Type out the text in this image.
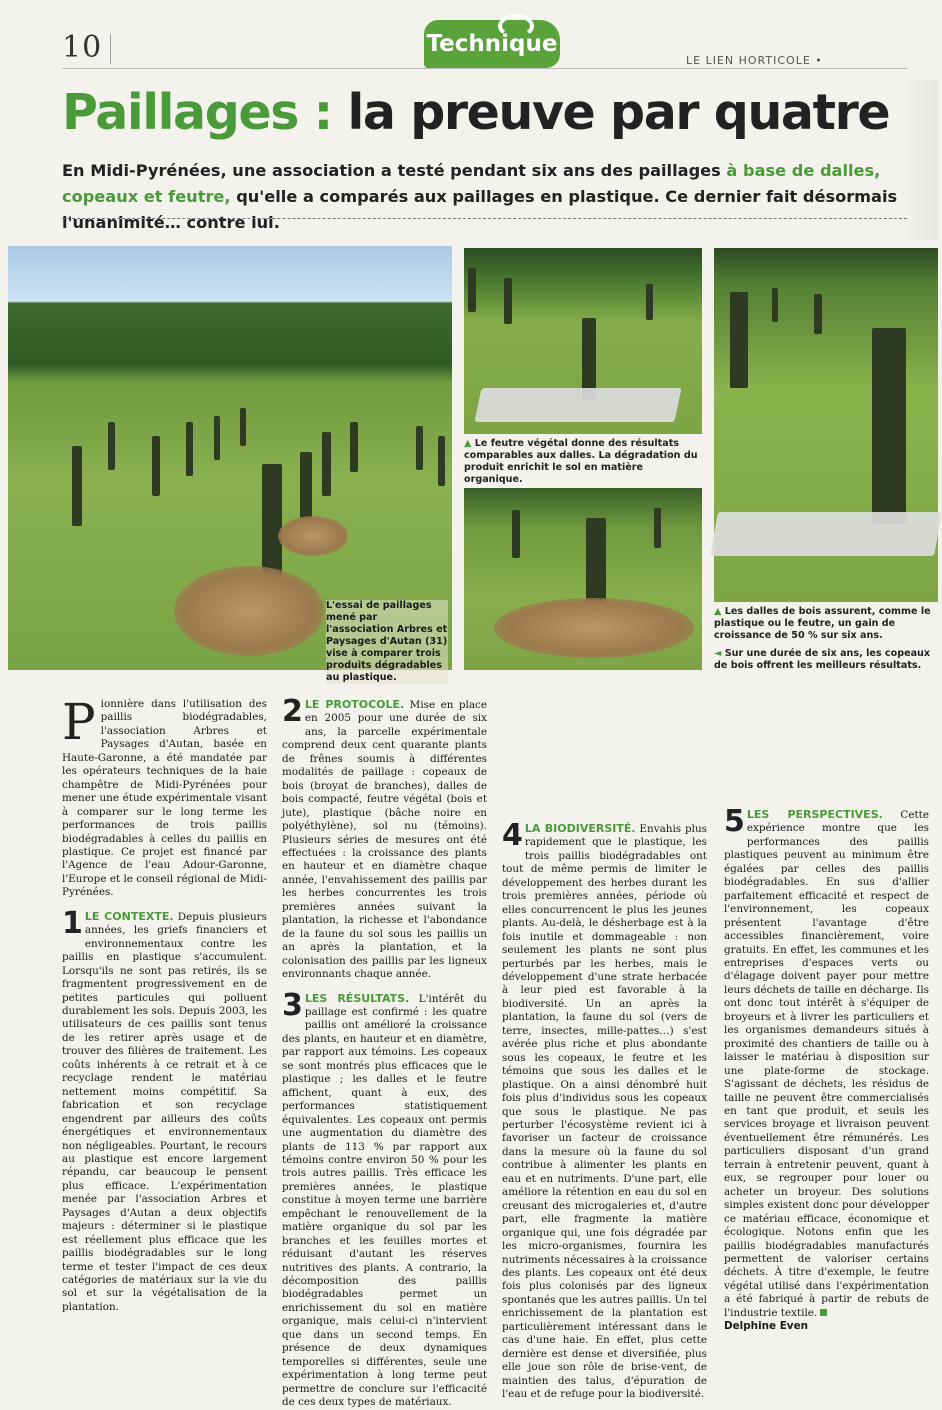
10	Technique
LE LIEN HORTICOLE •
Paillages : la preuve par quatre

En Midi-Pyrénées, une association a testé pendant six ans des paillages à base de dalles, copeaux et feutre, qu'elle a comparés aux paillages en plastique. Ce dernier fait désormais l'unanimité… contre lui.

L'essai de paillages mené par l'association Arbres et Paysages d'Autan (31) vise à comparer trois produits dégradables au plastique.
▲ Le feutre végétal donne des résultats comparables aux dalles. La dégradation du produit enrichit le sol en matière organique.
▲ Les dalles de bois assurent, comme le plastique ou le feutre, un gain de croissance de 50 % sur six ans.
◄ Sur une durée de six ans, les copeaux de bois offrent les meilleurs résultats.
Pionnière dans l'utilisation des paillis biodégradables, l'association Arbres et Paysages d'Autan, basée en Haute-Garonne, a été mandatée par les opérateurs techniques de la haie champêtre de Midi-Pyrénées pour mener une étude expérimentale visant à comparer sur le long terme les performances de trois paillis biodégradables à celles du paillis en plastique. Ce projet est financé par l'Agence de l'eau Adour-Garonne, l'Europe et le conseil régional de Midi-Pyrénées.
1 LE CONTEXTE. Depuis plusieurs années, les griefs financiers et environnementaux contre les paillis en plastique s'accumulent. Lorsqu'ils ne sont pas retirés, ils se fragmentent progressivement en de petites particules qui polluent durablement les sols. Depuis 2003, les utilisateurs de ces paillis sont tenus de les retirer après usage et de trouver des filières de traitement. Les coûts inhérents à ce retrait et à ce recyclage rendent le matériau nettement moins compétitif. Sa fabrication et son recyclage engendrent par ailleurs des coûts énergétiques et environnementaux non négligeables. Pourtant, le recours au plastique est encore largement répandu, car beaucoup le pensent plus efficace. L'expérimentation menée par l'association Arbres et Paysages d'Autan a deux objectifs majeurs : déterminer si le plastique est réellement plus efficace que les paillis biodégradables sur le long terme et tester l'impact de ces deux catégories de matériaux sur la vie du sol et sur la végétalisation de la plantation.
2 LE PROTOCOLE. Mise en place en 2005 pour une durée de six ans, la parcelle expérimentale comprend deux cent quarante plants de frênes soumis à différentes modalités de paillage : copeaux de bois (broyat de branches), dalles de bois compacté, feutre végétal (bois et jute), plastique (bâche noire en polyéthylène), sol nu (témoins). Plusieurs séries de mesures ont été effectuées : la croissance des plants en hauteur et en diamètre chaque année, l'envahissement des paillis par les herbes concurrentes les trois premières années suivant la plantation, la richesse et l'abondance de la faune du sol sous les paillis un an après la plantation, et la colonisation des paillis par les ligneux environnants chaque année.
3 LES RÉSULTATS. L'intérêt du paillage est confirmé : les quatre paillis ont amélioré la croissance des plants, en hauteur et en diamètre, par rapport aux témoins. Les copeaux se sont montrés plus efficaces que le plastique ; les dalles et le feutre affichent, quant à eux, des performances statistiquement équivalentes. Les copeaux ont permis une augmentation du diamètre des plants de 113 % par rapport aux témoins contre environ 50 % pour les trois autres paillis. Très efficace les premières années, le plastique constitue à moyen terme une barrière empêchant le renouvellement de la matière organique du sol par les branches et les feuilles mortes et réduisant d'autant les réserves nutritives des plants. A contrario, la décomposition des paillis biodégradables permet un enrichissement du sol en matière organique, mais celui-ci n'intervient que dans un second temps. En présence de deux dynamiques temporelles si différentes, seule une expérimentation à long terme peut permettre de conclure sur l'efficacité de ces deux types de matériaux.
4 LA BIODIVERSITÉ. Envahis plus rapidement que le plastique, les trois paillis biodégradables ont tout de même permis de limiter le développement des herbes durant les trois premières années, période où elles concurrencent le plus les jeunes plants. Au-delà, le désherbage est à la fois inutile et dommageable : non seulement les plants ne sont plus perturbés par les herbes, mais le développement d'une strate herbacée à leur pied est favorable à la biodiversité. Un an après la plantation, la faune du sol (vers de terre, insectes, mille-pattes…) s'est avérée plus riche et plus abondante sous les copeaux, le feutre et les témoins que sous les dalles et le plastique. On a ainsi dénombré huit fois plus d'individus sous les copeaux que sous le plastique. Ne pas perturber l'écosystème revient ici à favoriser un facteur de croissance dans la mesure où la faune du sol contribue à alimenter les plants en eau et en nutriments. D'une part, elle améliore la rétention en eau du sol en creusant des microgaleries et, d'autre part, elle fragmente la matière organique qui, une fois dégradée par les micro-organismes, fournira les nutriments nécessaires à la croissance des plants. Les copeaux ont été deux fois plus colonisés par des ligneux spontanés que les autres paillis. Un tel enrichissement de la plantation est particulièrement intéressant dans le cas d'une haie. En effet, plus cette dernière est dense et diversifiée, plus elle joue son rôle de brise-vent, de maintien des talus, d'épuration de l'eau et de refuge pour la biodiversité.
5 LES PERSPECTIVES. Cette expérience montre que les performances des paillis plastiques peuvent au minimum être égalées par celles des paillis biodégradables. En sus d'allier parfaitement efficacité et respect de l'environnement, les copeaux présentent l'avantage d'être accessibles financièrement, voire gratuits. En effet, les communes et les entreprises d'espaces verts ou d'élagage doivent payer pour mettre leurs déchets de taille en décharge. Ils ont donc tout intérêt à s'équiper de broyeurs et à livrer les particuliers et les organismes demandeurs situés à proximité des chantiers de taille ou à laisser le matériau à disposition sur une plate-forme de stockage. S'agissant de déchets, les résidus de taille ne peuvent être commercialisés en tant que produit, et seuls les services broyage et livraison peuvent éventuellement être rémunérés. Les particuliers disposant d'un grand terrain à entretenir peuvent, quant à eux, se regrouper pour louer ou acheter un broyeur. Des solutions simples existent donc pour développer ce matériau efficace, économique et écologique. Notons enfin que les paillis biodégradables manufacturés permettent de valoriser certains déchets. À titre d'exemple, le feutre végétal utilisé dans l'expérimentation a été fabriqué à partir de rebuts de l'industrie textile.
Delphine Even
